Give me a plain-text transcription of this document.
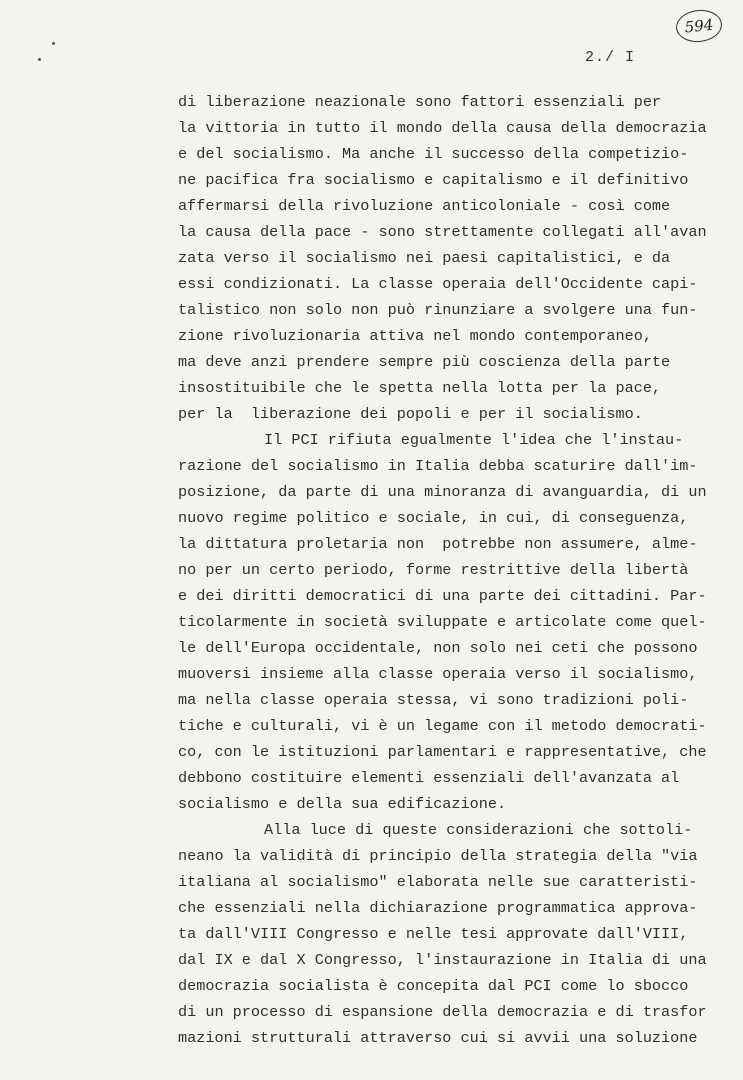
594
2./ I
di liberazione neazionale sono fattori essenziali per
la vittoria in tutto il mondo della causa della democrazia
e del socialismo. Ma anche il successo della competizio-
ne pacifica fra socialismo e capitalismo e il definitivo
affermarsi della rivoluzione anticoloniale - così come
la causa della pace - sono strettamente collegati all'avan
zata verso il socialismo nei paesi capitalistici, e da
essi condizionati. La classe operaia dell'Occidente capi-
talistico non solo non può rinunziare a svolgere una fun-
zione rivoluzionaria attiva nel mondo contemporaneo,
ma deve anzi prendere sempre più coscienza della parte
insostituibile che le spetta nella lotta per la pace,
per la  liberazione dei popoli e per il socialismo.
Il PCI rifiuta egualmente l'idea che l'instau-
razione del socialismo in Italia debba scaturire dall'im-
posizione, da parte di una minoranza di avanguardia, di un
nuovo regime politico e sociale, in cui, di conseguenza,
la dittatura proletaria non  potrebbe non assumere, alme-
no per un certo periodo, forme restrittive della libertà
e dei diritti democratici di una parte dei cittadini. Par-
ticolarmente in società sviluppate e articolate come quel-
le dell'Europa occidentale, non solo nei ceti che possono
muoversi insieme alla classe operaia verso il socialismo,
ma nella classe operaia stessa, vi sono tradizioni poli-
tiche e culturali, vi è un legame con il metodo democrati-
co, con le istituzioni parlamentari e rappresentative, che
debbono costituire elementi essenziali dell'avanzata al
socialismo e della sua edificazione.
Alla luce di queste considerazioni che sottoli-
neano la validità di principio della strategia della "via
italiana al socialismo" elaborata nelle sue caratteristi-
che essenziali nella dichiarazione programmatica approva-
ta dall'VIII Congresso e nelle tesi approvate dall'VIII,
dal IX e dal X Congresso, l'instaurazione in Italia di una
democrazia socialista è concepita dal PCI come lo sbocco
di un processo di espansione della democrazia e di trasfor
mazioni strutturali attraverso cui si avvii una soluzione
